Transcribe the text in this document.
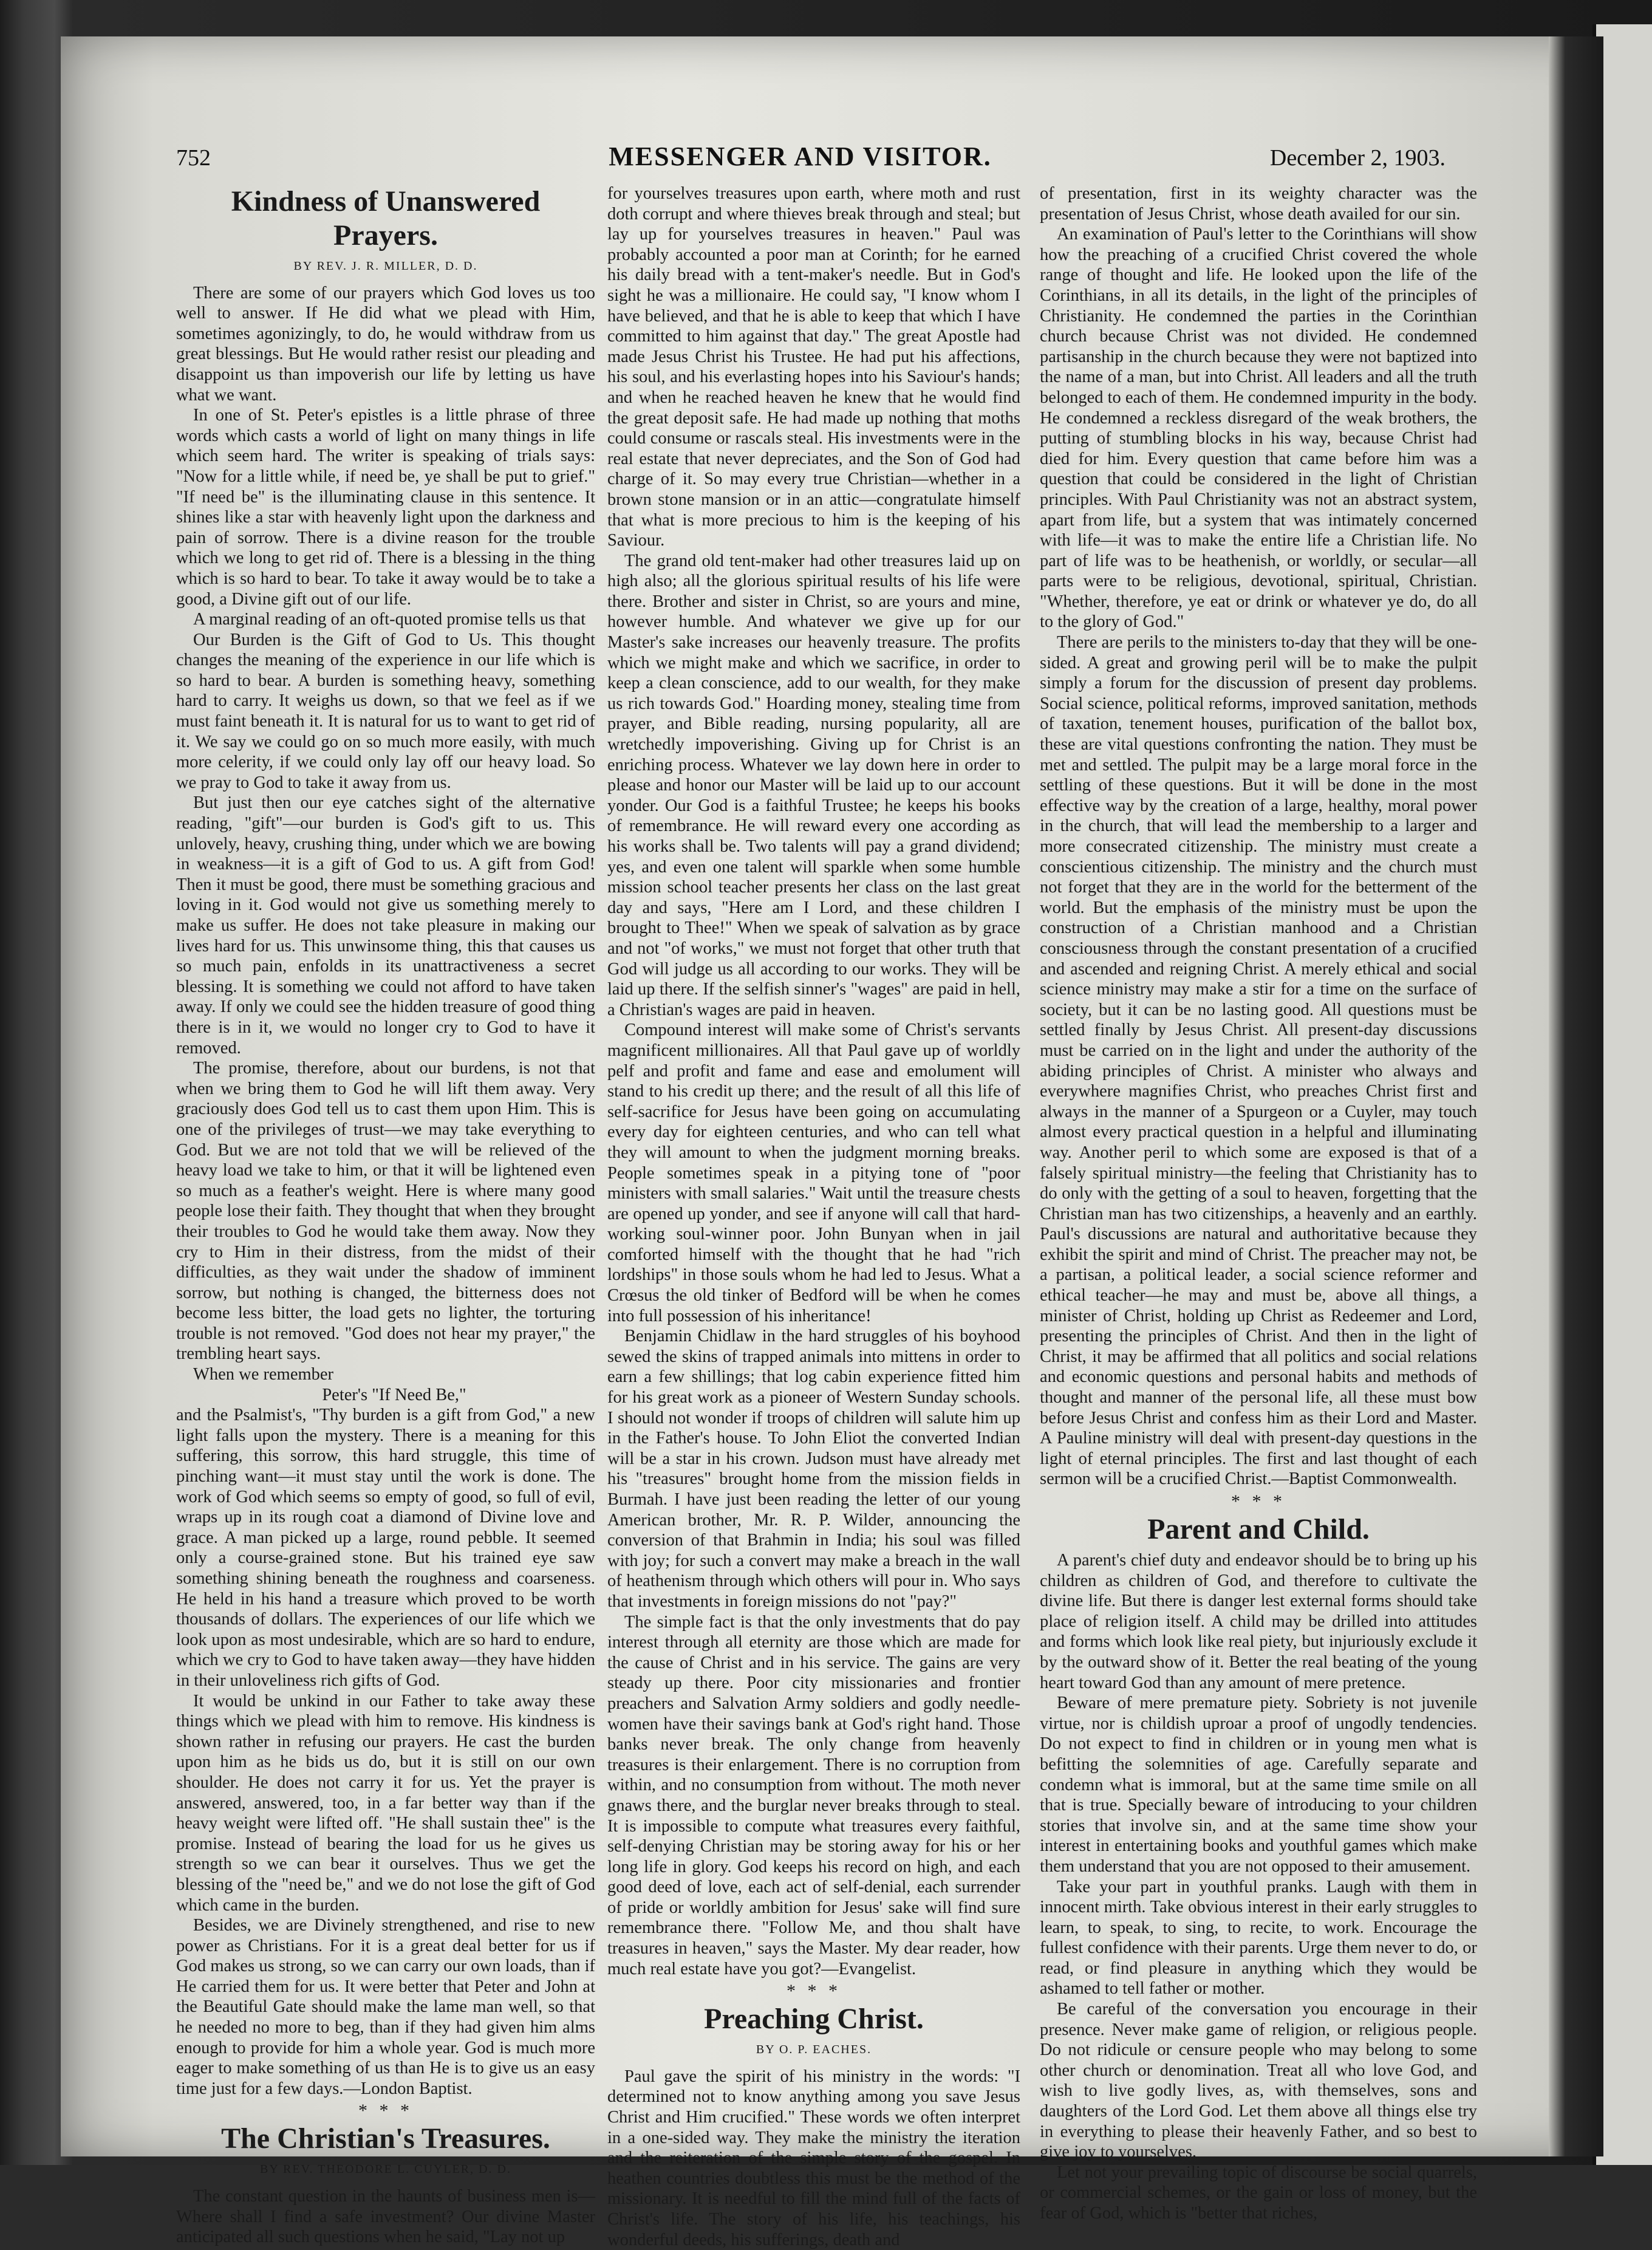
752	MESSENGER AND VISITOR.	December 2, 1903.
Kindness of Unanswered Prayers.
BY REV. J. R. MILLER, D. D.

There are some of our prayers which God loves us too well to answer. If He did what we plead with Him, sometimes agonizingly, to do, he would withdraw from us great blessings. But He would rather resist our pleading and disappoint us than impoverish our life by letting us have what we want.

In one of St. Peter's epistles is a little phrase of three words which casts a world of light on many things in life which seem hard. The writer is speaking of trials says: "Now for a little while, if need be, ye shall be put to grief." "If need be" is the illuminating clause in this sentence. It shines like a star with heavenly light upon the darkness and pain of sorrow. There is a divine reason for the trouble which we long to get rid of. There is a blessing in the thing which is so hard to bear. To take it away would be to take a good, a Divine gift out of our life.

A marginal reading of an oft-quoted promise tells us that

Our Burden is the Gift of God to Us. This thought changes the meaning of the experience in our life which is so hard to bear. A burden is something heavy, something hard to carry. It weighs us down, so that we feel as if we must faint beneath it. It is natural for us to want to get rid of it. We say we could go on so much more easily, with much more celerity, if we could only lay off our heavy load. So we pray to God to take it away from us.

But just then our eye catches sight of the alternative reading, "gift"—our burden is God's gift to us. This unlovely, heavy, crushing thing, under which we are bowing in weakness—it is a gift of God to us. A gift from God! Then it must be good, there must be something gracious and loving in it. God would not give us something merely to make us suffer. He does not take pleasure in making our lives hard for us. This unwinsome thing, this that causes us so much pain, enfolds in its unattractiveness a secret blessing. It is something we could not afford to have taken away. If only we could see the hidden treasure of good thing there is in it, we would no longer cry to God to have it removed.

The promise, therefore, about our burdens, is not that when we bring them to God he will lift them away. Very graciously does God tell us to cast them upon Him. This is one of the privileges of trust—we may take everything to God. But we are not told that we will be relieved of the heavy load we take to him, or that it will be lightened even so much as a feather's weight. Here is where many good people lose their faith. They thought that when they brought their troubles to God he would take them away. Now they cry to Him in their distress, from the midst of their difficulties, as they wait under the shadow of imminent sorrow, but nothing is changed, the bitterness does not become less bitter, the load gets no lighter, the torturing trouble is not removed. "God does not hear my prayer," the trembling heart says.

When we remember

Peter's "If Need Be,"

and the Psalmist's, "Thy burden is a gift from God," a new light falls upon the mystery. There is a meaning for this suffering, this sorrow, this hard struggle, this time of pinching want—it must stay until the work is done. The work of God which seems so empty of good, so full of evil, wraps up in its rough coat a diamond of Divine love and grace. A man picked up a large, round pebble. It seemed only a course-grained stone. But his trained eye saw something shining beneath the roughness and coarseness. He held in his hand a treasure which proved to be worth thousands of dollars. The experiences of our life which we look upon as most undesirable, which are so hard to endure, which we cry to God to have taken away—they have hidden in their unloveliness rich gifts of God.

It would be unkind in our Father to take away these things which we plead with him to remove. His kindness is shown rather in refusing our prayers. He cast the burden upon him as he bids us do, but it is still on our own shoulder. He does not carry it for us. Yet the prayer is answered, answered, too, in a far better way than if the heavy weight were lifted off. "He shall sustain thee" is the promise. Instead of bearing the load for us he gives us strength so we can bear it ourselves. Thus we get the blessing of the "need be," and we do not lose the gift of God which came in the burden.

Besides, we are Divinely strengthened, and rise to new power as Christians. For it is a great deal better for us if God makes us strong, so we can carry our own loads, than if He carried them for us. It were better that Peter and John at the Beautiful Gate should make the lame man well, so that he needed no more to beg, than if they had given him alms enough to provide for him a whole year. God is much more eager to make something of us than He is to give us an easy time just for a few days.—London Baptist.

* * *
The Christian's Treasures.
BY REV. THEODORE L. CUYLER, D. D.

The constant question in the haunts of business men is—Where shall I find a safe investment? Our divine Master anticipated all such questions when he said, "Lay not up

for yourselves treasures upon earth, where moth and rust doth corrupt and where thieves break through and steal; but lay up for yourselves treasures in heaven." Paul was probably accounted a poor man at Corinth; for he earned his daily bread with a tent-maker's needle. But in God's sight he was a millionaire. He could say, "I know whom I have believed, and that he is able to keep that which I have committed to him against that day." The great Apostle had made Jesus Christ his Trustee. He had put his affections, his soul, and his everlasting hopes into his Saviour's hands; and when he reached heaven he knew that he would find the great deposit safe. He had made up nothing that moths could consume or rascals steal. His investments were in the real estate that never depreciates, and the Son of God had charge of it. So may every true Christian—whether in a brown stone mansion or in an attic—congratulate himself that what is more precious to him is the keeping of his Saviour.

The grand old tent-maker had other treasures laid up on high also; all the glorious spiritual results of his life were there. Brother and sister in Christ, so are yours and mine, however humble. And whatever we give up for our Master's sake increases our heavenly treasure. The profits which we might make and which we sacrifice, in order to keep a clean conscience, add to our wealth, for they make us rich towards God." Hoarding money, stealing time from prayer, and Bible reading, nursing popularity, all are wretchedly impoverishing. Giving up for Christ is an enriching process. Whatever we lay down here in order to please and honor our Master will be laid up to our account yonder. Our God is a faithful Trustee; he keeps his books of remembrance. He will reward every one according as his works shall be. Two talents will pay a grand dividend; yes, and even one talent will sparkle when some humble mission school teacher presents her class on the last great day and says, "Here am I Lord, and these children I brought to Thee!" When we speak of salvation as by grace and not "of works," we must not forget that other truth that God will judge us all according to our works. They will be laid up there. If the selfish sinner's "wages" are paid in hell, a Christian's wages are paid in heaven.

Compound interest will make some of Christ's servants magnificent millionaires. All that Paul gave up of worldly pelf and profit and fame and ease and emolument will stand to his credit up there; and the result of all this life of self-sacrifice for Jesus have been going on accumulating every day for eighteen centuries, and who can tell what they will amount to when the judgment morning breaks. People sometimes speak in a pitying tone of "poor ministers with small salaries." Wait until the treasure chests are opened up yonder, and see if anyone will call that hard-working soul-winner poor. John Bunyan when in jail comforted himself with the thought that he had "rich lordships" in those souls whom he had led to Jesus. What a Crœsus the old tinker of Bedford will be when he comes into full possession of his inheritance!

Benjamin Chidlaw in the hard struggles of his boyhood sewed the skins of trapped animals into mittens in order to earn a few shillings; that log cabin experience fitted him for his great work as a pioneer of Western Sunday schools. I should not wonder if troops of children will salute him up in the Father's house. To John Eliot the converted Indian will be a star in his crown. Judson must have already met his "treasures" brought home from the mission fields in Burmah. I have just been reading the letter of our young American brother, Mr. R. P. Wilder, announcing the conversion of that Brahmin in India; his soul was filled with joy; for such a convert may make a breach in the wall of heathenism through which others will pour in. Who says that investments in foreign missions do not "pay?"

The simple fact is that the only investments that do pay interest through all eternity are those which are made for the cause of Christ and in his service. The gains are very steady up there. Poor city missionaries and frontier preachers and Salvation Army soldiers and godly needle-women have their savings bank at God's right hand. Those banks never break. The only change from heavenly treasures is their enlargement. There is no corruption from within, and no consumption from without. The moth never gnaws there, and the burglar never breaks through to steal. It is impossible to compute what treasures every faithful, self-denying Christian may be storing away for his or her long life in glory. God keeps his record on high, and each good deed of love, each act of self-denial, each surrender of pride or worldly ambition for Jesus' sake will find sure remembrance there. "Follow Me, and thou shalt have treasures in heaven," says the Master. My dear reader, how much real estate have you got?—Evangelist.

* * *
Preaching Christ.
BY O. P. EACHES.

Paul gave the spirit of his ministry in the words: "I determined not to know anything among you save Jesus Christ and Him crucified." These words we often interpret in a one-sided way. They make the ministry the iteration and the reiteration of the simple story of the gospel. In heathen countries doubtless this must be the method of the missionary. It is needful to fill the mind full of the facts of Christ's life. The story of his life, his teachings, his wonderful deeds, his sufferings, death and

of presentation, first in its weighty character was the presentation of Jesus Christ, whose death availed for our sin.

An examination of Paul's letter to the Corinthians will show how the preaching of a crucified Christ covered the whole range of thought and life. He looked upon the life of the Corinthians, in all its details, in the light of the principles of Christianity. He condemned the parties in the Corinthian church because Christ was not divided. He condemned partisanship in the church because they were not baptized into the name of a man, but into Christ. All leaders and all the truth belonged to each of them. He condemned impurity in the body. He condemned a reckless disregard of the weak brothers, the putting of stumbling blocks in his way, because Christ had died for him. Every question that came before him was a question that could be considered in the light of Christian principles. With Paul Christianity was not an abstract system, apart from life, but a system that was intimately concerned with life—it was to make the entire life a Christian life. No part of life was to be heathenish, or worldly, or secular—all parts were to be religious, devotional, spiritual, Christian. "Whether, therefore, ye eat or drink or whatever ye do, do all to the glory of God."

There are perils to the ministers to-day that they will be one-sided. A great and growing peril will be to make the pulpit simply a forum for the discussion of present day problems. Social science, political reforms, improved sanitation, methods of taxation, tenement houses, purification of the ballot box, these are vital questions confronting the nation. They must be met and settled. The pulpit may be a large moral force in the settling of these questions. But it will be done in the most effective way by the creation of a large, healthy, moral power in the church, that will lead the membership to a larger and more consecrated citizenship. The ministry must create a conscientious citizenship. The ministry and the church must not forget that they are in the world for the betterment of the world. But the emphasis of the ministry must be upon the construction of a Christian manhood and a Christian consciousness through the constant presentation of a crucified and ascended and reigning Christ. A merely ethical and social science ministry may make a stir for a time on the surface of society, but it can be no lasting good. All questions must be settled finally by Jesus Christ. All present-day discussions must be carried on in the light and under the authority of the abiding principles of Christ. A minister who always and everywhere magnifies Christ, who preaches Christ first and always in the manner of a Spurgeon or a Cuyler, may touch almost every practical question in a helpful and illuminating way. Another peril to which some are exposed is that of a falsely spiritual ministry—the feeling that Christianity has to do only with the getting of a soul to heaven, forgetting that the Christian man has two citizenships, a heavenly and an earthly. Paul's discussions are natural and authoritative because they exhibit the spirit and mind of Christ. The preacher may not, be a partisan, a political leader, a social science reformer and ethical teacher—he may and must be, above all things, a minister of Christ, holding up Christ as Redeemer and Lord, presenting the principles of Christ. And then in the light of Christ, it may be affirmed that all politics and social relations and economic questions and personal habits and methods of thought and manner of the personal life, all these must bow before Jesus Christ and confess him as their Lord and Master. A Pauline ministry will deal with present-day questions in the light of eternal principles. The first and last thought of each sermon will be a crucified Christ.—Baptist Commonwealth.

* * *
Parent and Child.

A parent's chief duty and endeavor should be to bring up his children as children of God, and therefore to cultivate the divine life. But there is danger lest external forms should take place of religion itself. A child may be drilled into attitudes and forms which look like real piety, but injuriously exclude it by the outward show of it. Better the real beating of the young heart toward God than any amount of mere pretence.

Beware of mere premature piety. Sobriety is not juvenile virtue, nor is childish uproar a proof of ungodly tendencies. Do not expect to find in children or in young men what is befitting the solemnities of age. Carefully separate and condemn what is immoral, but at the same time smile on all that is true. Specially beware of introducing to your children stories that involve sin, and at the same time show your interest in entertaining books and youthful games which make them understand that you are not opposed to their amusement.

Take your part in youthful pranks. Laugh with them in innocent mirth. Take obvious interest in their early struggles to learn, to speak, to sing, to recite, to work. Encourage the fullest confidence with their parents. Urge them never to do, or read, or find pleasure in anything which they would be ashamed to tell father or mother.

Be careful of the conversation you encourage in their presence. Never make game of religion, or religious people. Do not ridicule or censure people who may belong to some other church or denomination. Treat all who love God, and wish to live godly lives, as, with themselves, sons and daughters of the Lord God. Let them above all things else try in everything to please their heavenly Father, and so best to give joy to yourselves.

Let not your prevailing topic of discourse be social quarrels, or commercial schemes, or the gain or loss of money, but the fear of God, which is "better that riches,
